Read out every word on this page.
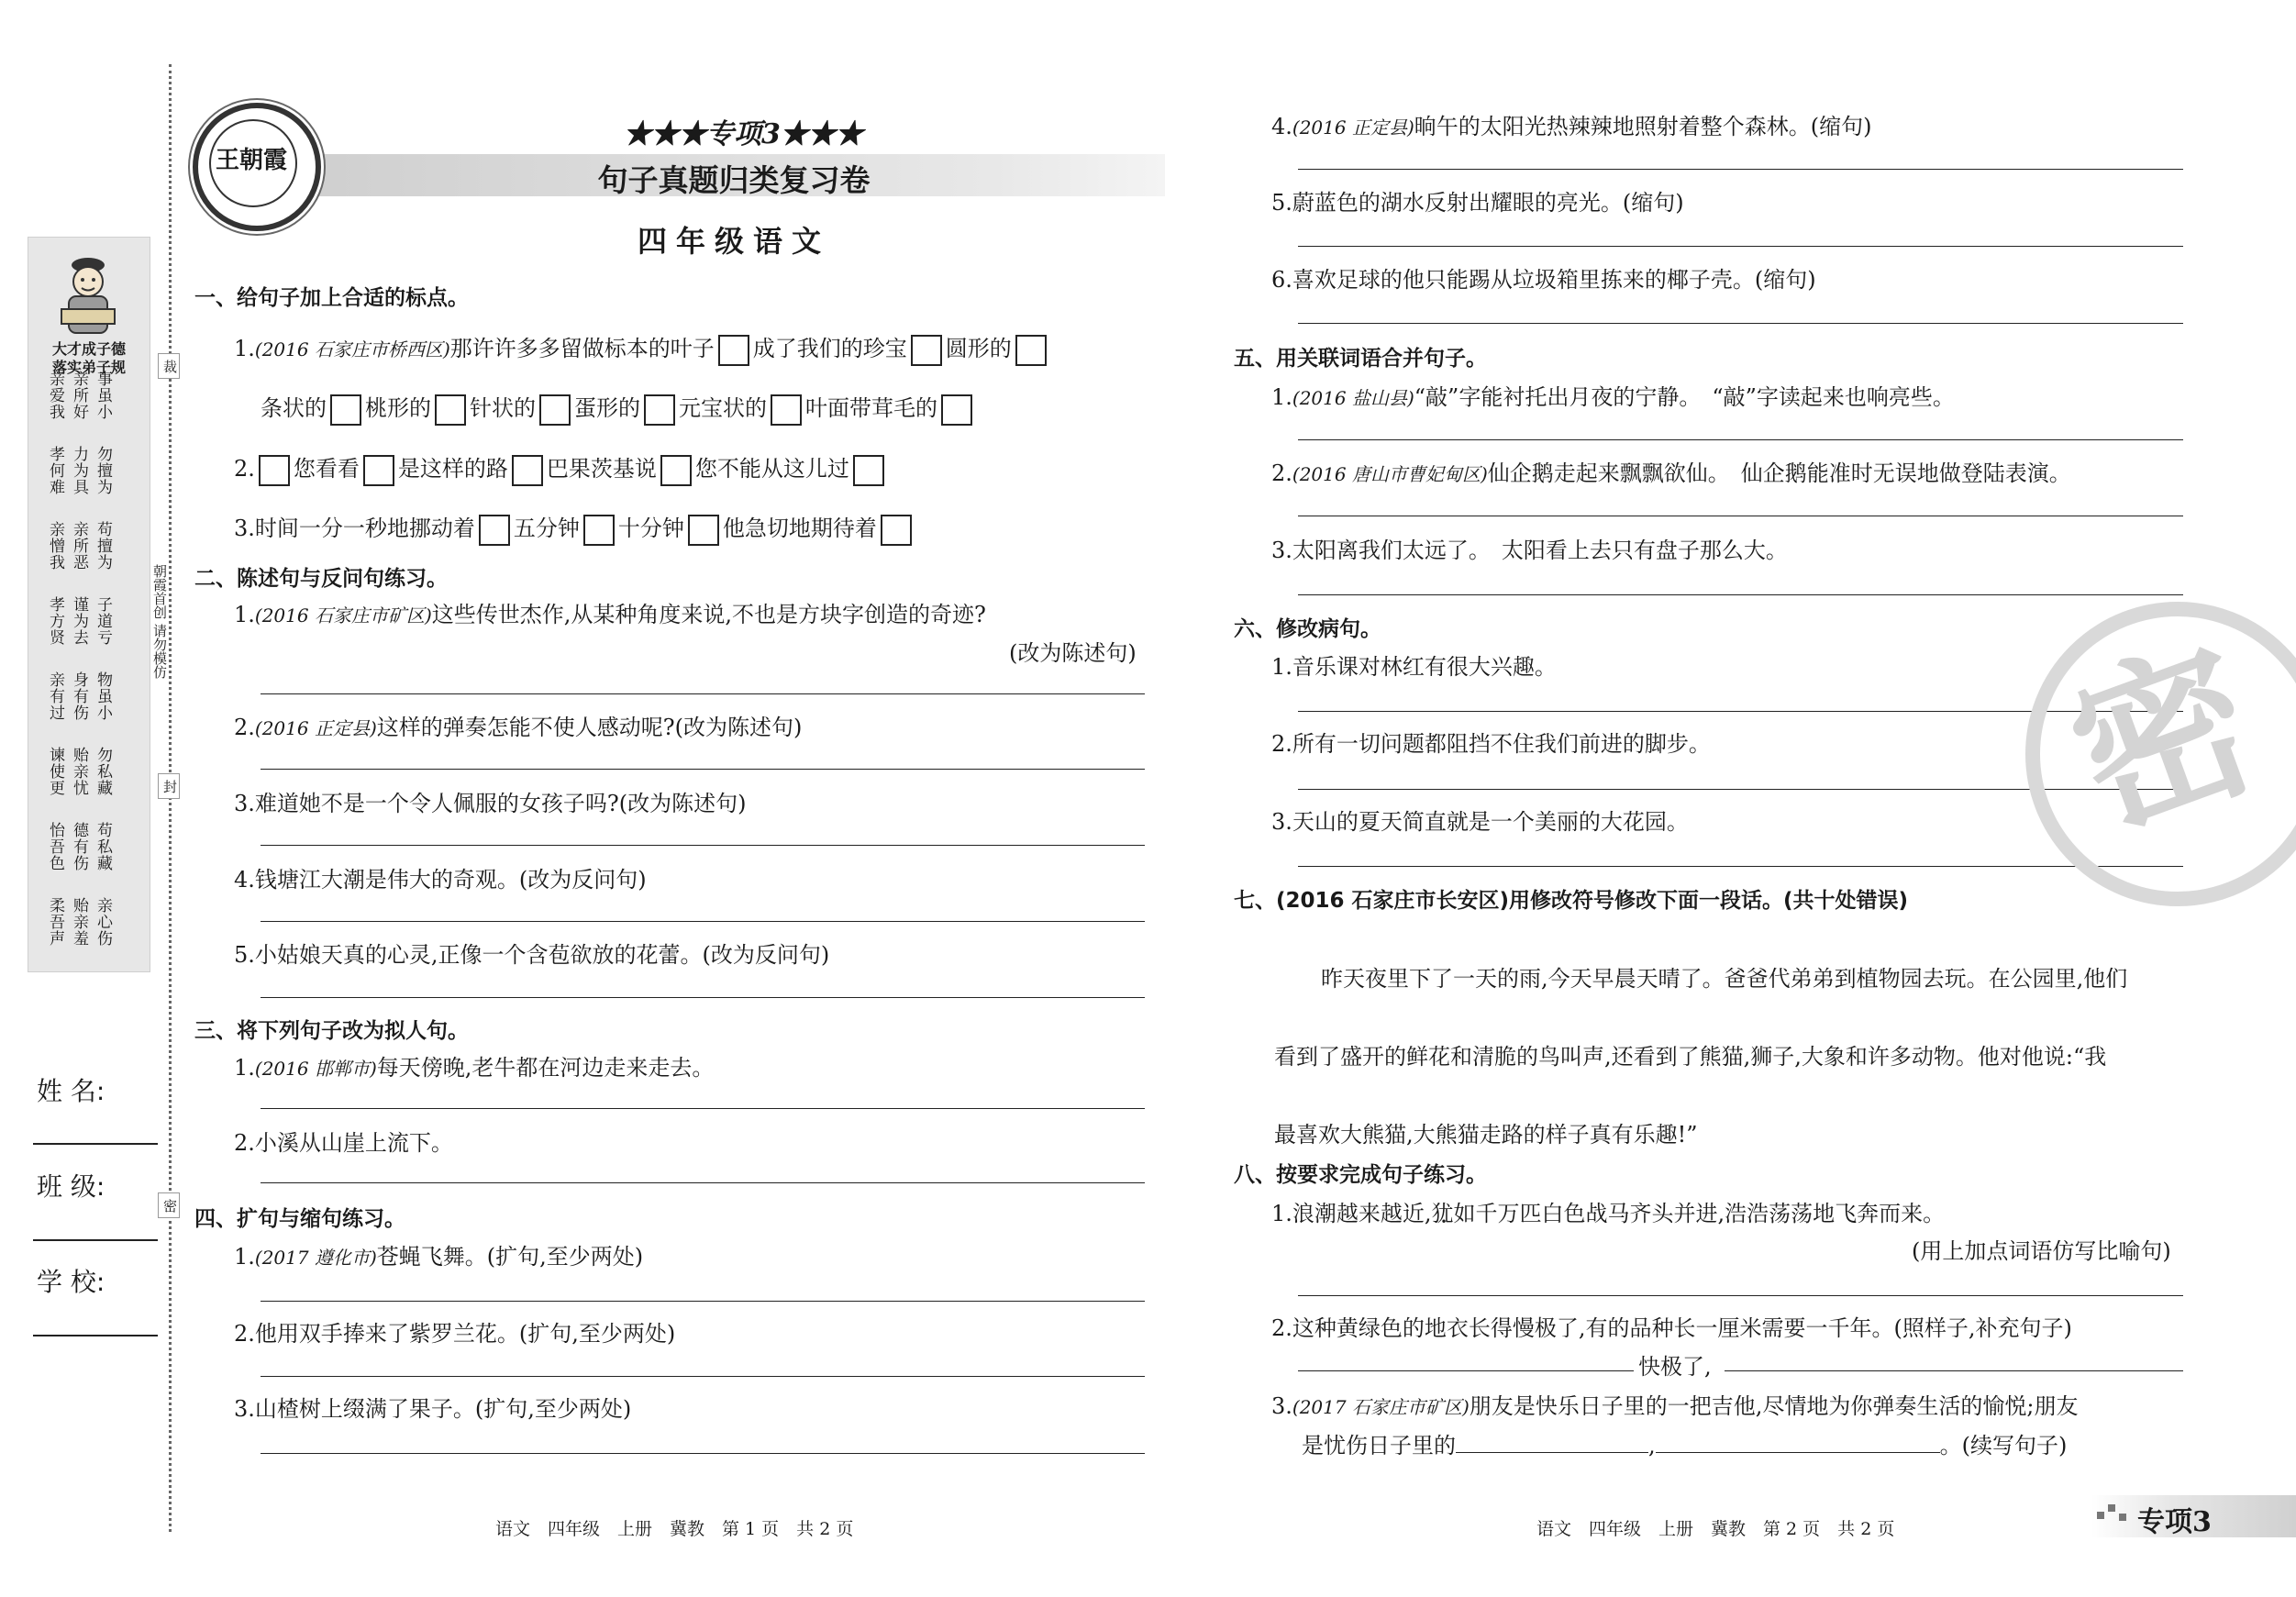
大才成子德
落实弟子规
亲爱我 亲所好 事虽小
孝何难 力为具 勿擅为
亲憎我 亲所恶 苟擅为
孝方贤 谨为去 子道亏
亲有过 身有伤 物虽小
谏使更 贻亲忧 勿私藏
怡吾色 德有伤 苟私藏
柔吾声 贻亲羞 亲心伤
裁
封
密
朝霞首创 请勿模仿
姓 名:
班 级:
学 校:
王朝霞
★★★专项3★★★
句子真题归类复习卷
四年级语文
一、给句子加上合适的标点。
1.(2016 石家庄市桥西区)那许许多多留做标本的叶子 成了我们的珍宝 圆形的
条状的 桃形的 针状的 蛋形的 元宝状的 叶面带茸毛的
2. 您看看 是这样的路 巴果茨基说 您不能从这儿过
3.时间一分一秒地挪动着 五分钟 十分钟 他急切地期待着
二、陈述句与反问句练习。
1.(2016 石家庄市矿区)这些传世杰作,从某种角度来说,不也是方块字创造的奇迹?
(改为陈述句)
2.(2016 正定县)这样的弹奏怎能不使人感动呢?(改为陈述句)
3.难道她不是一个令人佩服的女孩子吗?(改为陈述句)
4.钱塘江大潮是伟大的奇观。(改为反问句)
5.小姑娘天真的心灵,正像一个含苞欲放的花蕾。(改为反问句)
三、将下列句子改为拟人句。
1.(2016 邯郸市)每天傍晚,老牛都在河边走来走去。
2.小溪从山崖上流下。
四、扩句与缩句练习。
1.(2017 遵化市)苍蝇飞舞。(扩句,至少两处)
2.他用双手捧来了紫罗兰花。(扩句,至少两处)
3.山楂树上缀满了果子。(扩句,至少两处)
语文　四年级　上册　冀教　第 1 页　共 2 页
4.(2016 正定县)晌午的太阳光热辣辣地照射着整个森林。(缩句)
5.蔚蓝色的湖水反射出耀眼的亮光。(缩句)
6.喜欢足球的他只能踢从垃圾箱里拣来的椰子壳。(缩句)
五、用关联词语合并句子。
1.(2016 盐山县)“敲”字能衬托出月夜的宁静。　“敲”字读起来也响亮些。
2.(2016 唐山市曹妃甸区)仙企鹅走起来飘飘欲仙。　仙企鹅能准时无误地做登陆表演。
3.太阳离我们太远了。　太阳看上去只有盘子那么大。
六、修改病句。
1.音乐课对林红有很大兴趣。
2.所有一切问题都阻挡不住我们前进的脚步。
3.天山的夏天简直就是一个美丽的大花园。
七、(2016 石家庄市长安区)用修改符号修改下面一段话。(共十处错误)
昨天夜里下了一天的雨,今天早晨天晴了。爸爸代弟弟到植物园去玩。在公园里,他们
看到了盛开的鲜花和清脆的鸟叫声,还看到了熊猫,狮子,大象和许多动物。他对他说:“我
最喜欢大熊猫,大熊猫走路的样子真有乐趣!”
八、按要求完成句子练习。
1.浪潮越来越近,犹如千万匹白色战马齐头并进,浩浩荡荡地飞奔而来。
(用上加点词语仿写比喻句)
2.这种黄绿色的地衣长得慢极了,有的品种长一厘米需要一千年。(照样子,补充句子)
快极了,
3.(2017 石家庄市矿区)朋友是快乐日子里的一把吉他,尽情地为你弹奏生活的愉悦;朋友
是忧伤日子里的	,	。(续写句子)
语文　四年级　上册　冀教　第 2 页　共 2 页
密
专项3
